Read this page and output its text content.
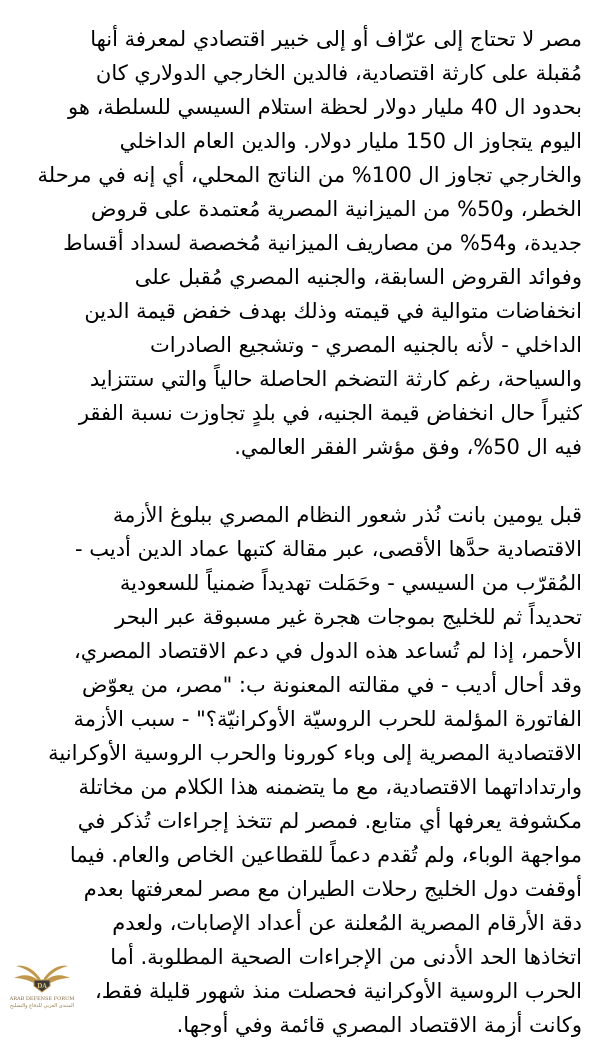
مصر لا تحتاج إلى عرّاف أو إلى خبير اقتصادي لمعرفة أنها
مُقبلة على كارثة اقتصادية، فالدين الخارجي الدولاري كان
بحدود ال 40 مليار دولار لحظة استلام السيسي للسلطة، هو
اليوم يتجاوز ال 150 مليار دولار. والدين العام الداخلي
والخارجي تجاوز ال 100% من الناتج المحلي، أي إنه في مرحلة
الخطر، و50% من الميزانية المصرية مُعتمدة على قروض
جديدة، و54% من مصاريف الميزانية مُخصصة لسداد أقساط
وفوائد القروض السابقة، والجنيه المصري مُقبل على
انخفاضات متوالية في قيمته وذلك بهدف خفض قيمة الدين
الداخلي - لأنه بالجنيه المصري - وتشجيع الصادرات
والسياحة، رغم كارثة التضخم الحاصلة حالياً والتي ستتزايد
كثيراً حال انخفاض قيمة الجنيه، في بلدٍ تجاوزت نسبة الفقر
فيه ال 50%، وفق مؤشر الفقر العالمي.
قبل يومين بانت نُذر شعور النظام المصري ببلوغ الأزمة
الاقتصادية حدَّها الأقصى، عبر مقالة كتبها عماد الدين أديب -
المُقرّب من السيسي - وحَمَلت تهديداً ضمنياً للسعودية
تحديداً ثم للخليج بموجات هجرة غير مسبوقة عبر البحر
الأحمر، إذا لم تُساعد هذه الدول في دعم الاقتصاد المصري،
وقد أحال أديب - في مقالته المعنونة ب: "مصر، من يعوّض
الفاتورة المؤلمة للحرب الروسيّة الأوكرانيّة؟" - سبب الأزمة
الاقتصادية المصرية إلى وباء كورونا والحرب الروسية الأوكرانية
وارتداداتهما الاقتصادية، مع ما يتضمنه هذا الكلام من مخاتلة
مكشوفة يعرفها أي متابع. فمصر لم تتخذ إجراءات تُذكر في
مواجهة الوباء، ولم تُقدم دعماً للقطاعين الخاص والعام. فيما
أوقفت دول الخليج رحلات الطيران مع مصر لمعرفتها بعدم
دقة الأرقام المصرية المُعلنة عن أعداد الإصابات، ولعدم
اتخاذها الحد الأدنى من الإجراءات الصحية المطلوبة. أما
الحرب الروسية الأوكرانية فحصلت منذ شهور قليلة فقط،
وكانت أزمة الاقتصاد المصري قائمة وفي أوجها.
DA
ARAB DEFENSE FORUM
المنتدى العربي للدفاع والتسليح
